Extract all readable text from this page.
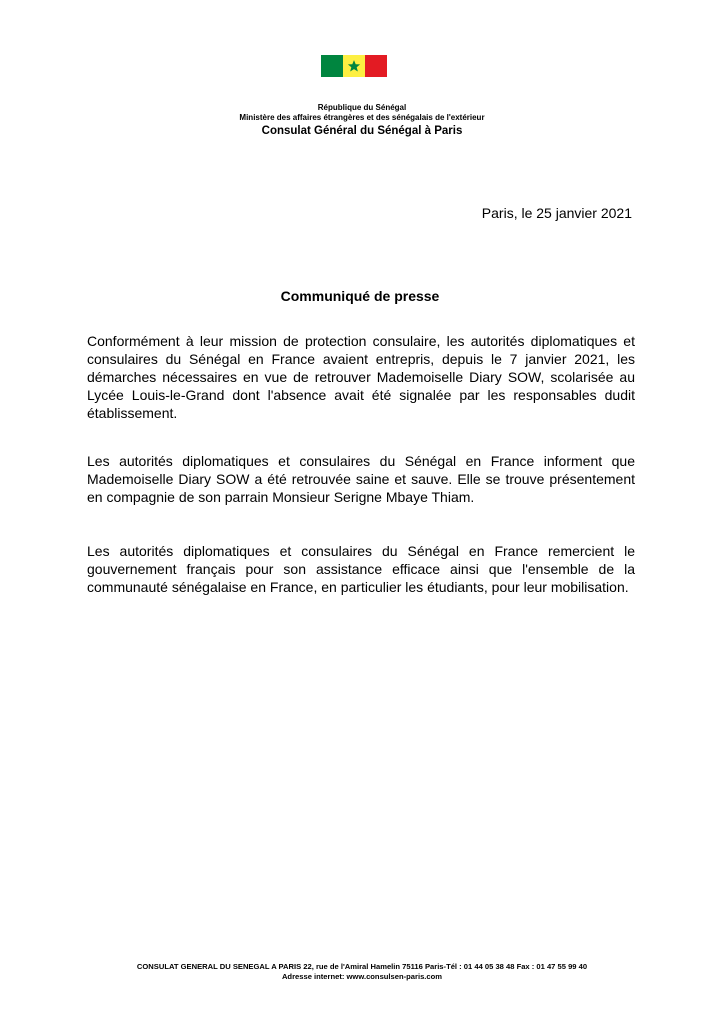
République du Sénégal
Ministère des affaires étrangères et des sénégalais de l'extérieur
Consulat Général du Sénégal à Paris
Paris, le 25 janvier 2021
Communiqué de presse

Conformément à leur mission de protection consulaire, les autorités diplomatiques et consulaires du Sénégal en France avaient entrepris, depuis le 7 janvier 2021, les démarches nécessaires en vue de retrouver Mademoiselle Diary SOW, scolarisée au Lycée Louis-le-Grand dont l'absence avait été signalée par les responsables dudit établissement.

Les autorités diplomatiques et consulaires du Sénégal en France informent que Mademoiselle Diary SOW a été retrouvée saine et sauve. Elle se trouve présentement en compagnie de son parrain Monsieur Serigne Mbaye Thiam.

Les autorités diplomatiques et consulaires du Sénégal en France remercient le gouvernement français pour son assistance efficace ainsi que l'ensemble de la communauté sénégalaise en France, en particulier les étudiants, pour leur mobilisation.

CONSULAT GENERAL DU SENEGAL A PARIS 22, rue de l'Amiral Hamelin 75116 Paris-Tél : 01 44 05 38 48 Fax : 01 47 55 99 40
Adresse internet: www.consulsen-paris.com
